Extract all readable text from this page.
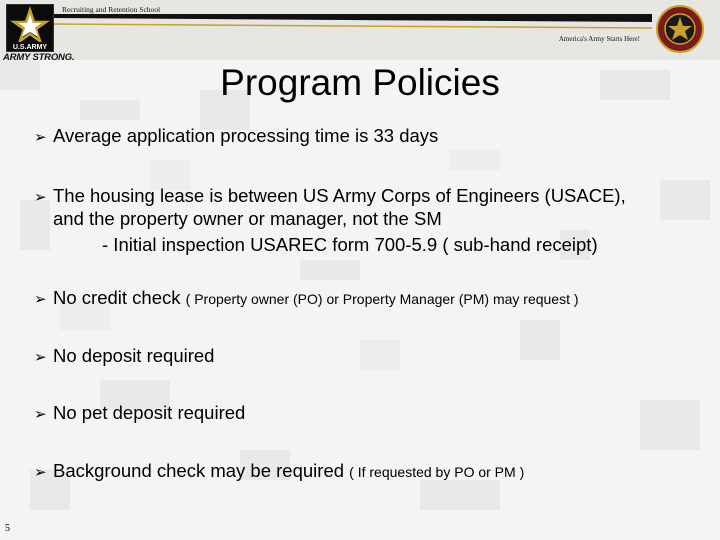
U.S.ARMY
ARMY STRONG.
Recruiting and Retention School
America's Army Starts Here!
Program Policies
➢ Average application processing time is 33 days
➢ The housing lease is between US Army Corps of Engineers (USACE),
and the property owner or manager, not the SM
- Initial inspection USAREC form 700-5.9 ( sub-hand receipt)
➢ No credit check ( Property owner (PO) or Property Manager (PM) may request )
➢ No deposit required
➢ No pet deposit required
➢ Background check may be required ( If requested by PO or PM )
5
